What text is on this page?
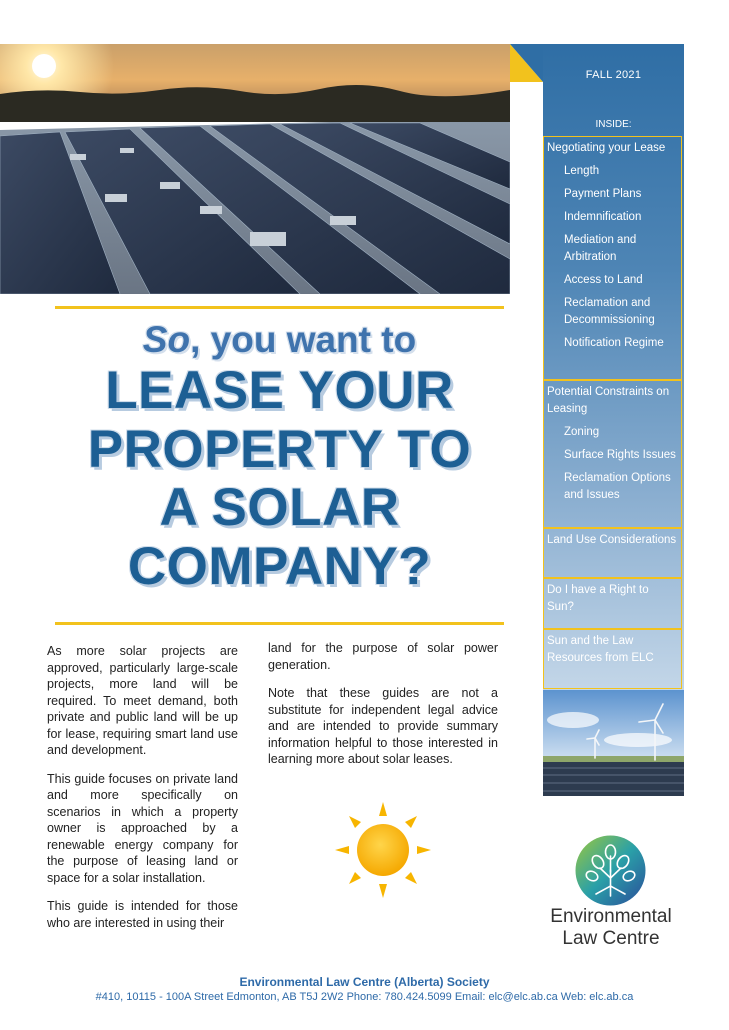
FALL 2021
INSIDE:
Negotiating your Lease
Length
Payment Plans
Indemnification
Mediation and Arbitration
Access to Land
Reclamation and Decommissioning
Notification Regime
Potential Constraints on Leasing
Zoning
Surface Rights Issues
Reclamation Options and Issues
Land Use Considerations
Do I have a Right to Sun?
Sun and the Law Resources from ELC
So, you want to
LEASE YOUR
PROPERTY TO
A SOLAR
COMPANY?

As more solar projects are approved, particularly large-scale projects, more land will be required. To meet demand, both private and public land will be up for lease, requiring smart land use and development.

This guide focuses on private land and more specifically on scenarios in which a property owner is approached by a renewable energy company for the purpose of leasing land or space for a solar installation.

This guide is intended for those who are interested in using their

land for the purpose of solar power generation.

Note that these guides are not a substitute for independent legal advice and are intended to provide summary information helpful to those interested in learning more about solar leases.

Environmental
Law Centre
Environmental Law Centre (Alberta) Society
#410, 10115 - 100A Street Edmonton, AB T5J 2W2 Phone: 780.424.5099 Email: elc@elc.ab.ca Web: elc.ab.ca
